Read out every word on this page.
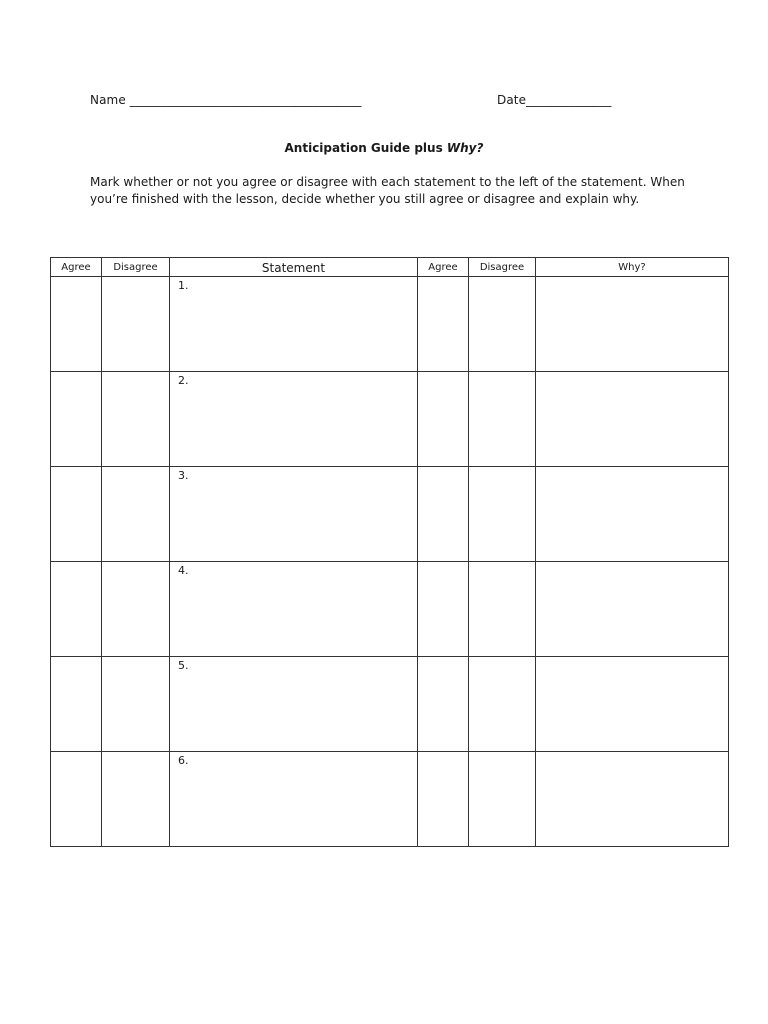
Name ______________________________________	Date______________
Anticipation Guide plus Why?
Mark whether or not you agree or disagree with each statement to the left of the statement. When you’re finished with the lesson, decide whether you still agree or disagree and explain why.
Agree	Disagree	Statement	Agree	Disagree	Why?

		1.			

		2.			

		3.			

		4.			

		5.			

		6.			
